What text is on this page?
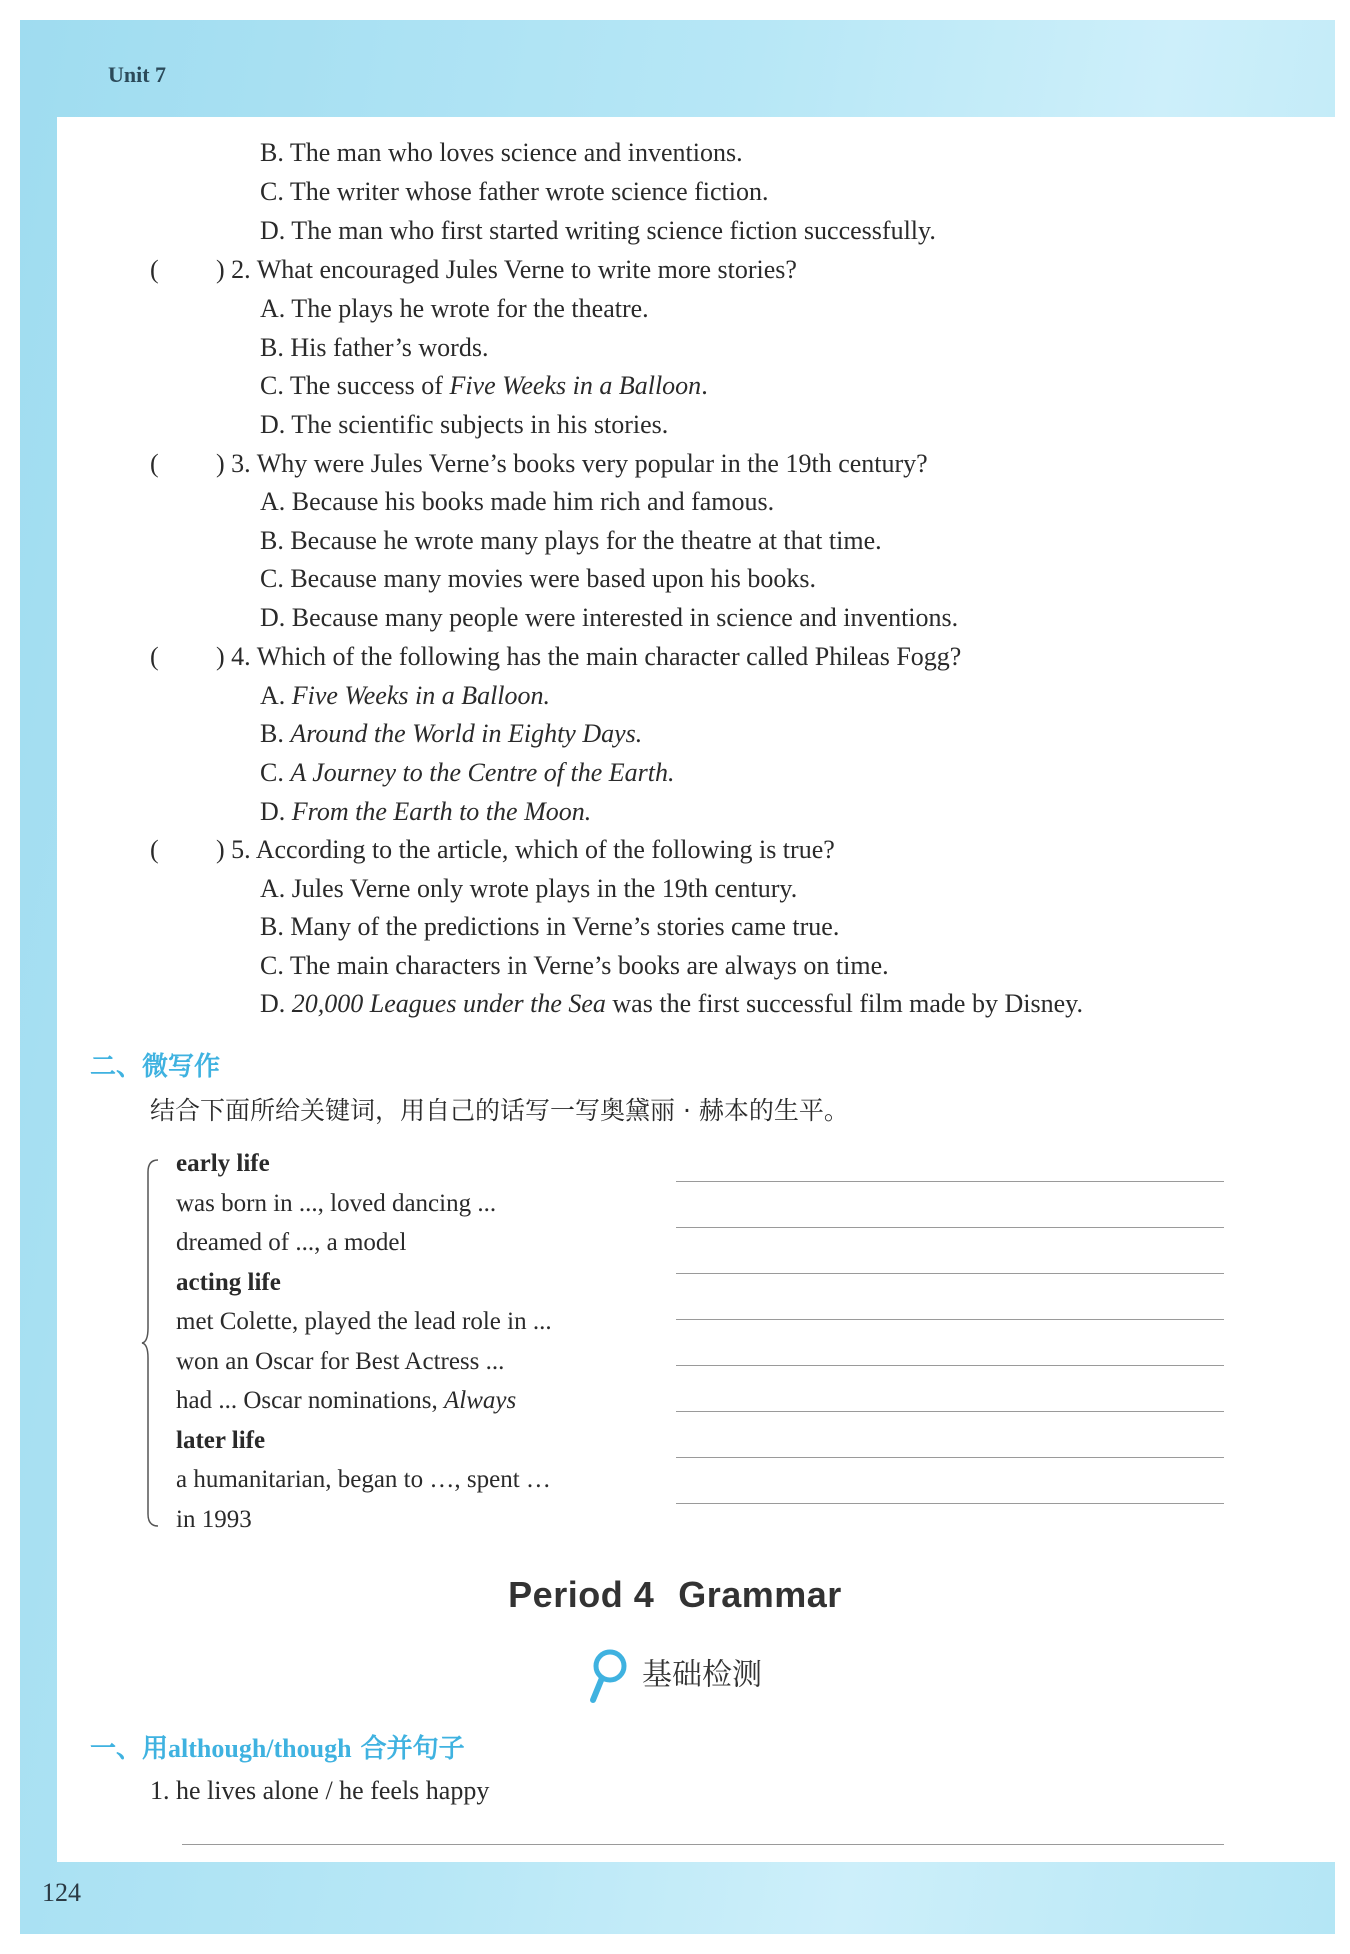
Unit 7
B. The man who loves science and inventions.
C. The writer whose father wrote science fiction.
D. The man who first started writing science fiction successfully.
( ) 2. What encouraged Jules Verne to write more stories?
A. The plays he wrote for the theatre.
B. His father’s words.
C. The success of Five Weeks in a Balloon.
D. The scientific subjects in his stories.
( ) 3. Why were Jules Verne’s books very popular in the 19th century?
A. Because his books made him rich and famous.
B. Because he wrote many plays for the theatre at that time.
C. Because many movies were based upon his books.
D. Because many people were interested in science and inventions.
( ) 4. Which of the following has the main character called Phileas Fogg?
A. Five Weeks in a Balloon.
B. Around the World in Eighty Days.
C. A Journey to the Centre of the Earth.
D. From the Earth to the Moon.
( ) 5. According to the article, which of the following is true?
A. Jules Verne only wrote plays in the 19th century.
B. Many of the predictions in Verne’s stories came true.
C. The main characters in Verne’s books are always on time.
D. 20,000 Leagues under the Sea was the first successful film made by Disney.
二、微写作
结合下面所给关键词，用自己的话写一写奥黛丽 · 赫本的生平。
early life
was born in ..., loved dancing ...
dreamed of ..., a model
acting life
met Colette, played the lead role in ...
won an Oscar for Best Actress ...
had ... Oscar nominations, Always
later life
a humanitarian, began to …, spent …
in 1993
Period 4 Grammar
基础检测
一、用although/though 合并句子
1. he lives alone / he feels happy
124
